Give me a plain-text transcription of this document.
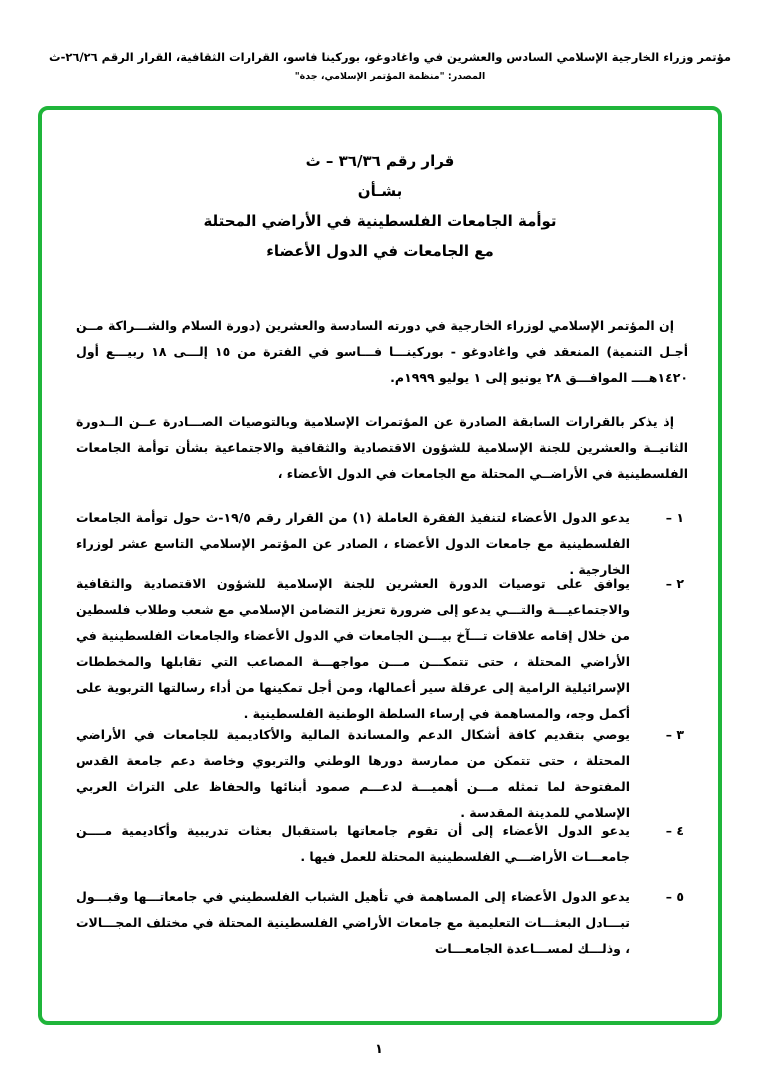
مؤتمر وزراء الخارجية الإسلامي السادس والعشرين في واغادوغو، بوركينا فاسو، القرارات الثقافية، القرار الرقم ٢٦/٢٦-ث
المصدر: "منظمة المؤتمر الإسلامي، جدة"
قرار رقم ٣٦/٣٦ – ث
بشـأن
توأمة الجامعات الفلسطينية في الأراضي المحتلة
مع الجامعات في الدول الأعضاء
إن المؤتمر الإسلامي لوزراء الخارجية في دورته السادسة والعشرين (دورة السلام والشـــراكة مــن أجـل التنمية) المنعقد في واغادوغو - بوركينـــا فـــاسو في الفترة من ١٥ إلـــى ١٨ ربيـــع أول ١٤٢٠هــــ الموافـــق ٢٨ يونيو إلى ١ يوليو ١٩٩٩م.
إذ يذكر بالقرارات السابقة الصادرة عن المؤتمرات الإسلامية وبالتوصيات الصـــادرة عــن الــدورة الثانيــة والعشرين للجنة الإسلامية للشؤون الاقتصادية والثقافية والاجتماعية بشأن توأمة الجامعات الفلسطينية في الأراضــي المحتلة مع الجامعات في الدول الأعضاء ،
١ –
يدعو الدول الأعضاء لتنفيذ الفقرة العاملة (١) من القرار رقم ١٩/٥-ث حول توأمة الجامعات الفلسطينية مع جامعات الدول الأعضاء ، الصادر عن المؤتمر الإسلامي التاسع عشر لوزراء الخارجية .
٢ –
يوافق على توصيات الدورة العشرين للجنة الإسلامية للشؤون الاقتصادية والثقافية والاجتماعيـــة والتـــي يدعو إلى ضرورة تعزيز التضامن الإسلامي مع شعب وطلاب فلسطين من خلال إقامه علاقات تـــآخ بيـــن الجامعات في الدول الأعضاء والجامعات الفلسطينية في الأراضي المحتلة ، حتى تتمكـــن مـــن مواجهـــة المصاعب التي تقابلها والمخططات الإسرائيلية الرامية إلى عرقلة سير أعمالها، ومن أجل تمكينها من أداء رسالتها التربوية على أكمل وجه، والمساهمة في إرساء السلطة الوطنية الفلسطينية .
٣ –
يوصي بتقديم كافة أشكال الدعم والمساندة المالية والأكاديمية للجامعات في الأراضي المحتلة ، حتى تتمكن من ممارسة دورها الوطني والتربوي وخاصة دعم جامعة القدس المفتوحة لما تمثله مـــن أهميـــة لدعـــم صمود أبنائها والحفاظ على التراث العربي الإسلامي للمدينة المقدسة .
٤ –
يدعو الدول الأعضاء إلى أن تقوم جامعاتها باستقبال بعثات تدريبية وأكاديمية مــــن جامعـــات الأراضـــي الفلسطينية المحتلة للعمل فيها .
٥ –
يدعو الدول الأعضاء إلى المساهمة في تأهيل الشباب الفلسطيني في جامعاتـــها وقبـــول تبـــادل البعثـــات التعليمية مع جامعات الأراضي الفلسطينية المحتلة في مختلف المجـــالات ، وذلـــك لمســـاعدة الجامعـــات
١
